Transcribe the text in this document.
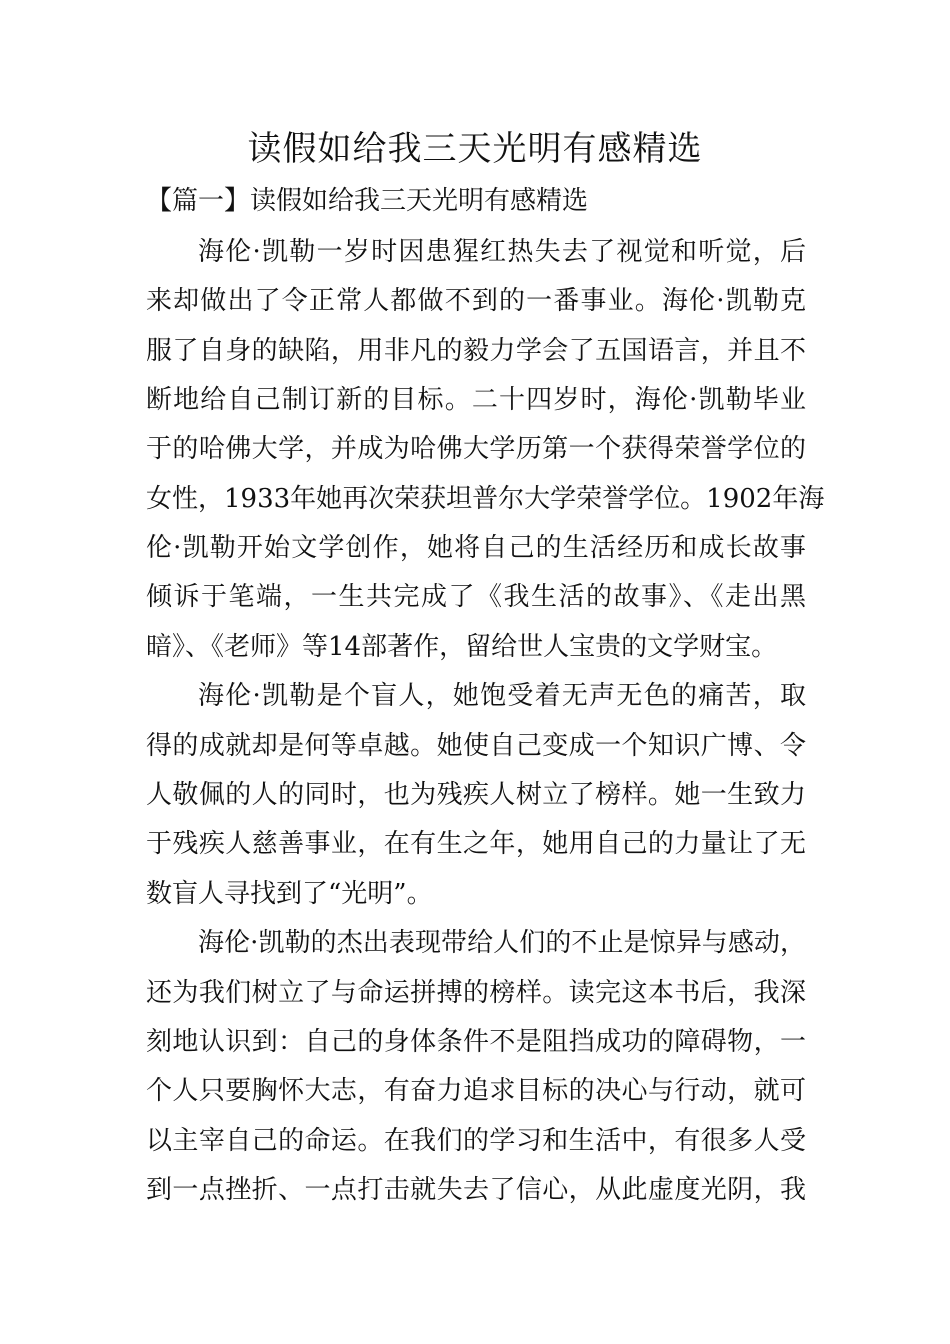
读假如给我三天光明有感精选

【篇一】读假如给我三天光明有感精选

海伦·凯勒一岁时因患猩红热失去了视觉和听觉，后

来却做出了令正常人都做不到的一番事业。海伦·凯勒克

服了自身的缺陷，用非凡的毅力学会了五国语言，并且不

断地给自己制订新的目标。二十四岁时，海伦·凯勒毕业

于的哈佛大学，并成为哈佛大学历第一个获得荣誉学位的

女性，1933年她再次荣获坦普尔大学荣誉学位。1902年海

伦·凯勒开始文学创作，她将自己的生活经历和成长故事

倾诉于笔端，一生共完成了《我生活的故事》、《走出黑

暗》、《老师》等14部著作，留给世人宝贵的文学财宝。

海伦·凯勒是个盲人，她饱受着无声无色的痛苦，取

得的成就却是何等卓越。她使自己变成一个知识广博、令

人敬佩的人的同时，也为残疾人树立了榜样。她一生致力

于残疾人慈善事业，在有生之年，她用自己的力量让了无

数盲人寻找到了“光明”。

海伦·凯勒的杰出表现带给人们的不止是惊异与感动，

还为我们树立了与命运拼搏的榜样。读完这本书后，我深

刻地认识到：自己的身体条件不是阻挡成功的障碍物，一

个人只要胸怀大志，有奋力追求目标的决心与行动，就可

以主宰自己的命运。在我们的学习和生活中，有很多人受

到一点挫折、一点打击就失去了信心，从此虚度光阴，我
